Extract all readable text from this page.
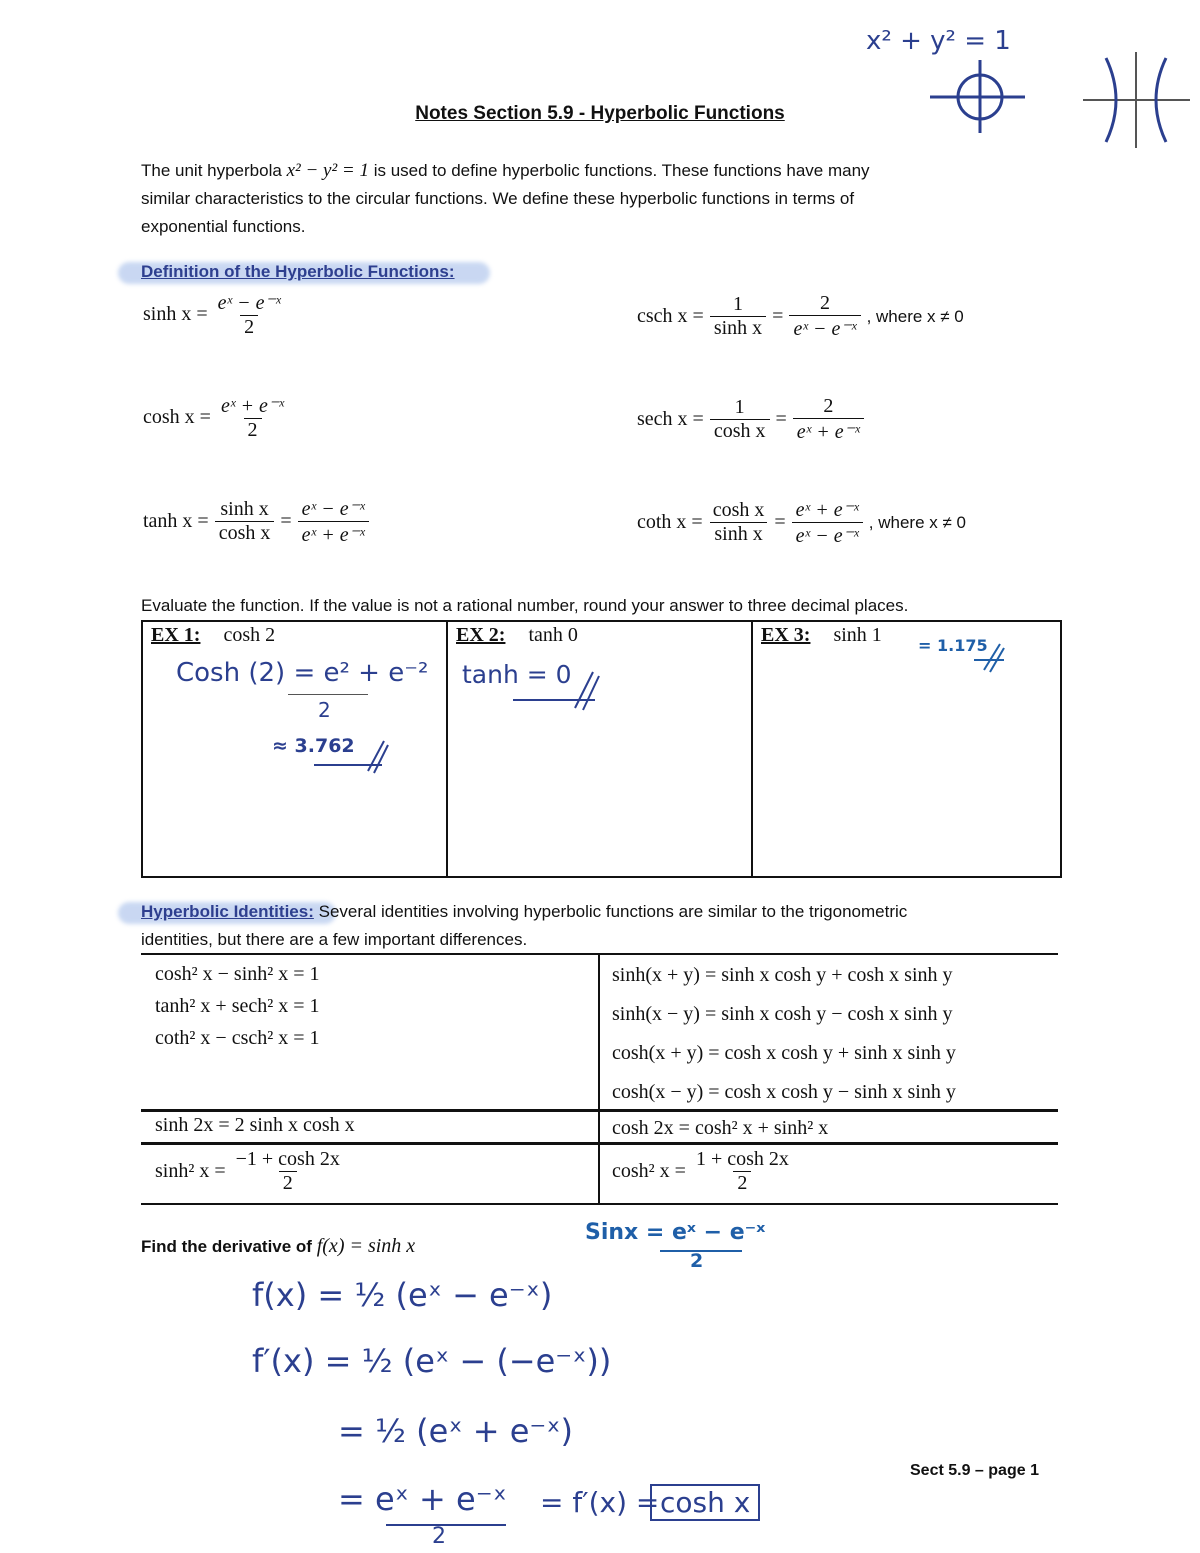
x² + y² = 1
Notes Section 5.9 - Hyperbolic Functions
The unit hyperbola x² − y² = 1 is used to define hyperbolic functions. These functions have many
similar characteristics to the circular functions. We define these hyperbolic functions in terms of
exponential functions.
Definition of the Hyperbolic Functions:
$\sinh x = \frac{\text{eˣ − e⁻ˣ}}{2}$
$\cosh x = \frac{\text{eˣ + e⁻ˣ}}{2}$
$\tanh x = \frac{\text{sinh x}}{\text{cosh x}} = \frac{\text{eˣ − e⁻ˣ}}{\text{eˣ + e⁻ˣ}}$
csch $x = \frac{1}{\text{sinh x}} = \frac{2}{\text{eˣ − e⁻ˣ}}$ , where x ≠ 0
sech $x = \frac{1}{\text{cosh x}} = \frac{2}{\text{eˣ + e⁻ˣ}}$
coth $x = \frac{\text{cosh x}}{\text{sinh x}} = \frac{\text{eˣ + e⁻ˣ}}{\text{eˣ − e⁻ˣ}}$ , where x ≠ 0
Evaluate the function. If the value is not a rational number, round your answer to three decimal places.
EX 1: cosh 2
Cosh (2) = e² + e⁻²
2
≈ 3.762
EX 2: tanh 0
tanh = 0
EX 3: sinh 1 = 1.175
Hyperbolic Identities: Several identities involving hyperbolic functions are similar to the trigonometric
identities, but there are a few important differences.
cosh² x − sinh² x = 1
tanh² x + sech² x = 1
coth² x − csch² x = 1
sinh(x + y) = sinh x cosh y + cosh x sinh y
sinh(x − y) = sinh x cosh y − cosh x sinh y
cosh(x + y) = cosh x cosh y + sinh x sinh y
cosh(x − y) = cosh x cosh y − sinh x sinh y
sinh 2x = 2 sinh x cosh x	cosh 2x = cosh² x + sinh² x
sinh² $x = \frac{-1 + \cosh 2x}{2}$	cosh² $x = \frac{1 + \cosh 2x}{2}$
Find the derivative of f(x) = sinh x
Sinx = eˣ − e⁻ˣ
2
f(x) = ½ (eˣ − e⁻ˣ)
f′(x) = ½ (eˣ − (−e⁻ˣ))
= ½ (eˣ + e⁻ˣ)
= eˣ + e⁻ˣ
2
= f′(x) = cosh x
Sect 5.9 – page 1
